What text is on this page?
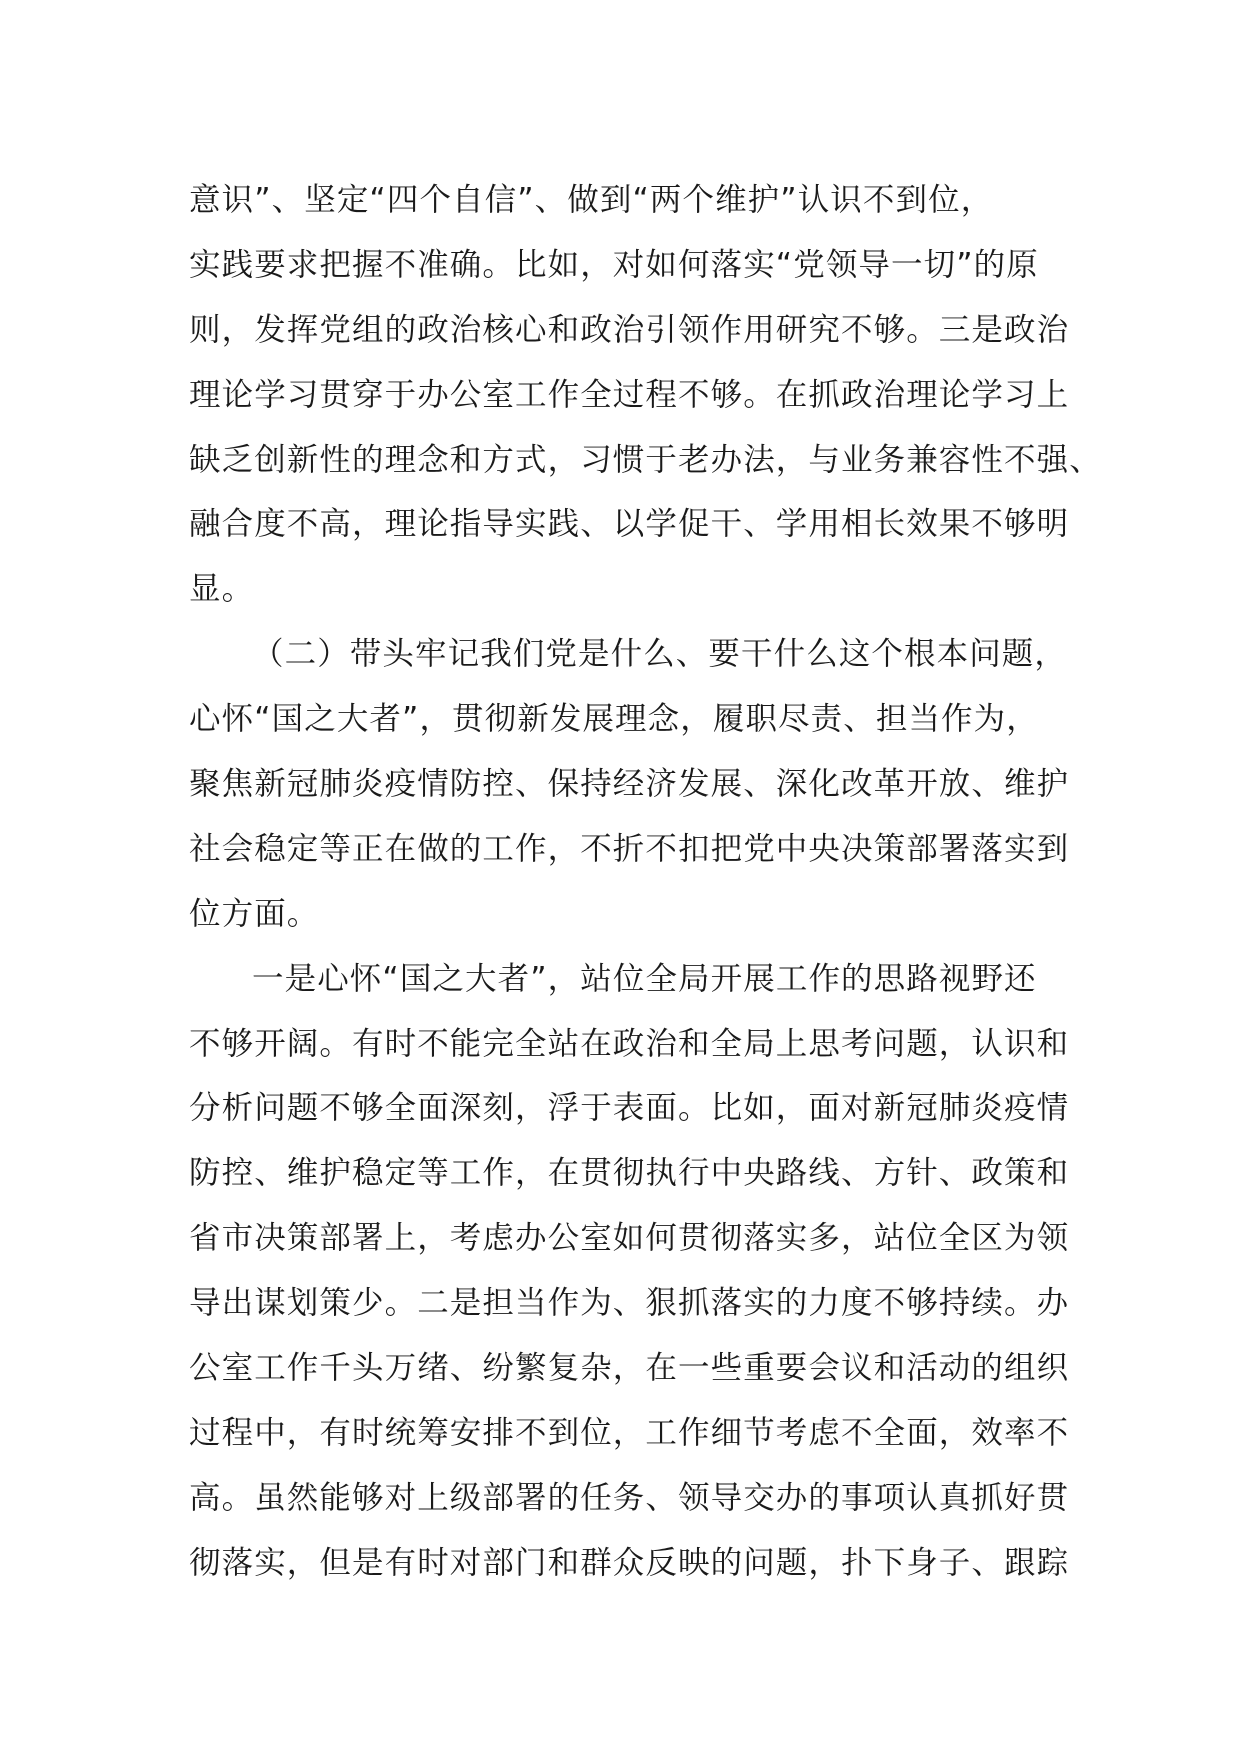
意识”、坚定“四个自信”、做到“两个维护”认识不到位，
实践要求把握不准确。比如，对如何落实“党领导一切”的原
则，发挥党组的政治核心和政治引领作用研究不够。三是政治
理论学习贯穿于办公室工作全过程不够。在抓政治理论学习上
缺乏创新性的理念和方式，习惯于老办法，与业务兼容性不强、
融合度不高，理论指导实践、以学促干、学用相长效果不够明
显。
（二）带头牢记我们党是什么、要干什么这个根本问题，
心怀“国之大者”，贯彻新发展理念，履职尽责、担当作为，
聚焦新冠肺炎疫情防控、保持经济发展、深化改革开放、维护
社会稳定等正在做的工作，不折不扣把党中央决策部署落实到
位方面。
一是心怀“国之大者”，站位全局开展工作的思路视野还
不够开阔。有时不能完全站在政治和全局上思考问题，认识和
分析问题不够全面深刻，浮于表面。比如，面对新冠肺炎疫情
防控、维护稳定等工作，在贯彻执行中央路线、方针、政策和
省市决策部署上，考虑办公室如何贯彻落实多，站位全区为领
导出谋划策少。二是担当作为、狠抓落实的力度不够持续。办
公室工作千头万绪、纷繁复杂，在一些重要会议和活动的组织
过程中，有时统筹安排不到位，工作细节考虑不全面，效率不
高。虽然能够对上级部署的任务、领导交办的事项认真抓好贯
彻落实，但是有时对部门和群众反映的问题，扑下身子、跟踪
